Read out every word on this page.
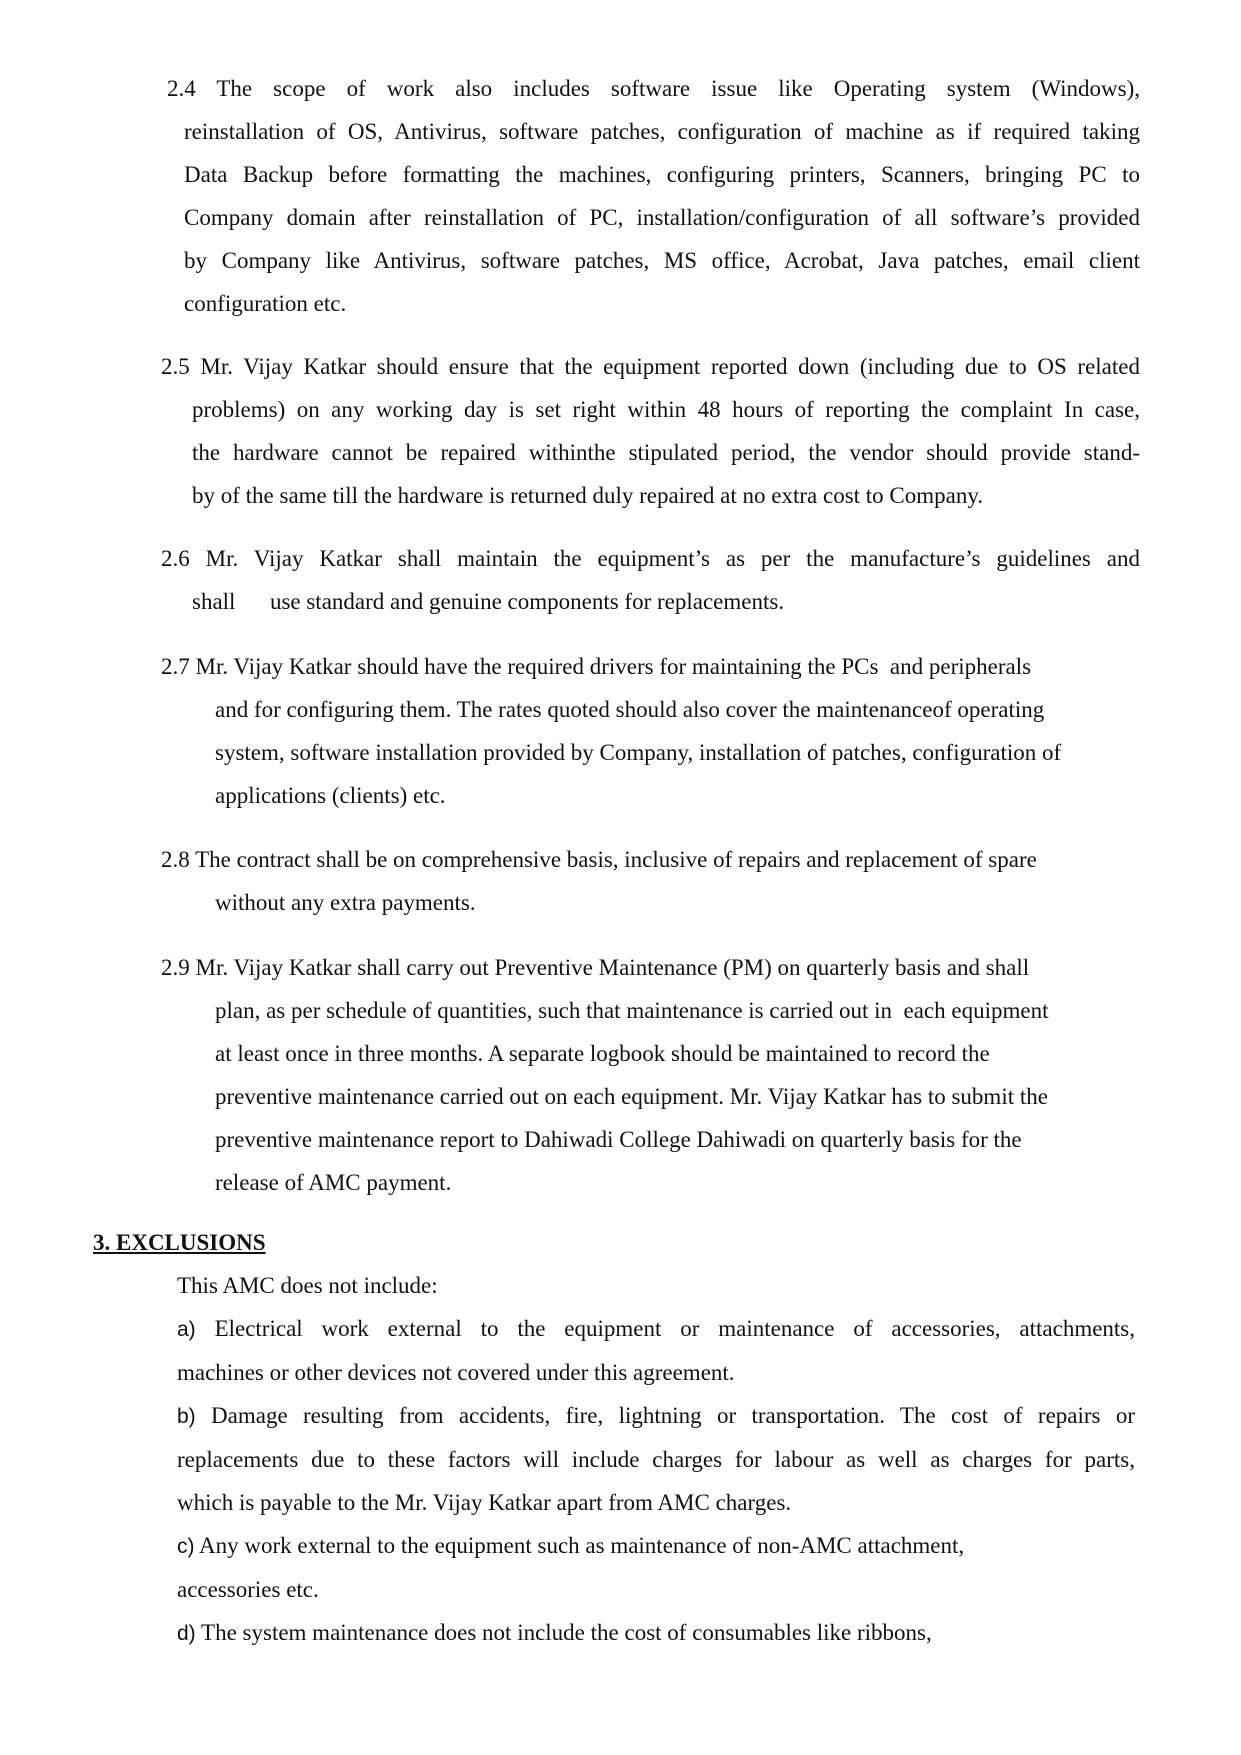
2.4 The scope of work also includes software issue like Operating system (Windows),
reinstallation of OS, Antivirus, software patches, configuration of machine as if required taking
Data Backup before formatting the machines, configuring printers, Scanners, bringing PC to
Company domain after reinstallation of PC, installation/configuration of all software’s provided
by Company like Antivirus, software patches, MS office, Acrobat, Java patches, email client
configuration etc.
2.5 Mr. Vijay Katkar should ensure that the equipment reported down (including due to OS related
problems) on any working day is set right within 48 hours of reporting the complaint In case,
the hardware cannot be repaired withinthe stipulated period, the vendor should provide stand-
by of the same till the hardware is returned duly repaired at no extra cost to Company.
2.6 Mr. Vijay Katkar shall maintain the equipment’s as per the manufacture’s guidelines and
shall      use standard and genuine components for replacements.
2.7 Mr. Vijay Katkar should have the required drivers for maintaining the PCs  and peripherals
and for configuring them. The rates quoted should also cover the maintenanceof operating
system, software installation provided by Company, installation of patches, configuration of
applications (clients) etc.
2.8 The contract shall be on comprehensive basis, inclusive of repairs and replacement of spare
without any extra payments.
2.9 Mr. Vijay Katkar shall carry out Preventive Maintenance (PM) on quarterly basis and shall
plan, as per schedule of quantities, such that maintenance is carried out in  each equipment
at least once in three months. A separate logbook should be maintained to record the
preventive maintenance carried out on each equipment. Mr. Vijay Katkar has to submit the
preventive maintenance report to Dahiwadi College Dahiwadi on quarterly basis for the
release of AMC payment.
3. EXCLUSIONS
This AMC does not include:
a) Electrical work external to the equipment or maintenance of accessories, attachments,
machines or other devices not covered under this agreement.
b) Damage resulting from accidents, fire, lightning or transportation. The cost of repairs or
replacements due to these factors will include charges for labour as well as charges for parts,
which is payable to the Mr. Vijay Katkar apart from AMC charges.
c) Any work external to the equipment such as maintenance of non-AMC attachment,
accessories etc.
d) The system maintenance does not include the cost of consumables like ribbons,
